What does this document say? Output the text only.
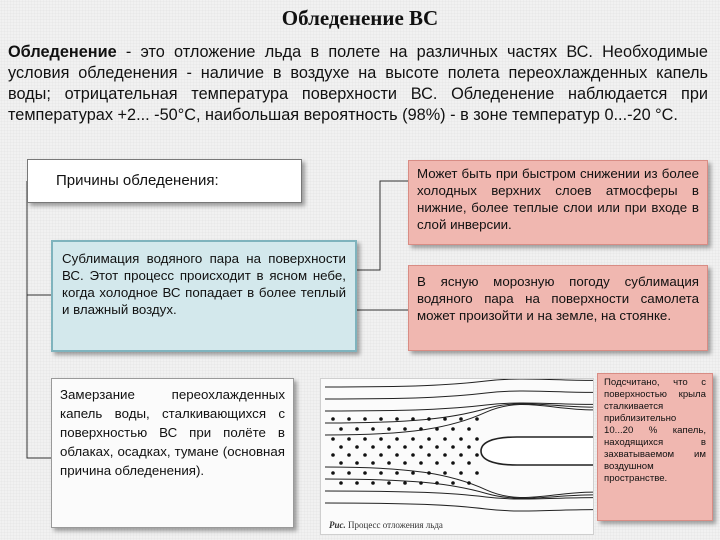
Обледенение ВС
Обледенение - это отложение льда в полете на различных частях ВС. Необходимые условия обледенения - наличие в воздухе на высоте полета переохлажденных капель воды; отрицательная температура поверхности ВС. Обледенение наблюдается при температурах +2... -50°С, наибольшая вероятность (98%) - в зоне температур 0...-20 °С.
Причины обледенения:
Сублимация водяного пара на поверхности ВС. Этот процесс происходит в ясном небе, когда холодное ВС попадает в более теплый и влажный воздух.
Замерзание переохлажденных капель воды, сталкивающихся с поверхностью ВС при полёте в облаках, осадках, тумане (основная причина обледенения).
Может быть при быстром снижении из более холодных верхних слоев атмосферы в нижние, более теплые слои или при входе в слой инверсии.
В ясную морозную погоду сублимация водяного пара на поверхности самолета может произойти и на земле, на стоянке.
Подсчитано, что с поверхностью крыла сталкивается приблизительно 10...20 % капель, находящихся в захватываемом им воздушном пространстве.
Рис. Процесс отложения льда
